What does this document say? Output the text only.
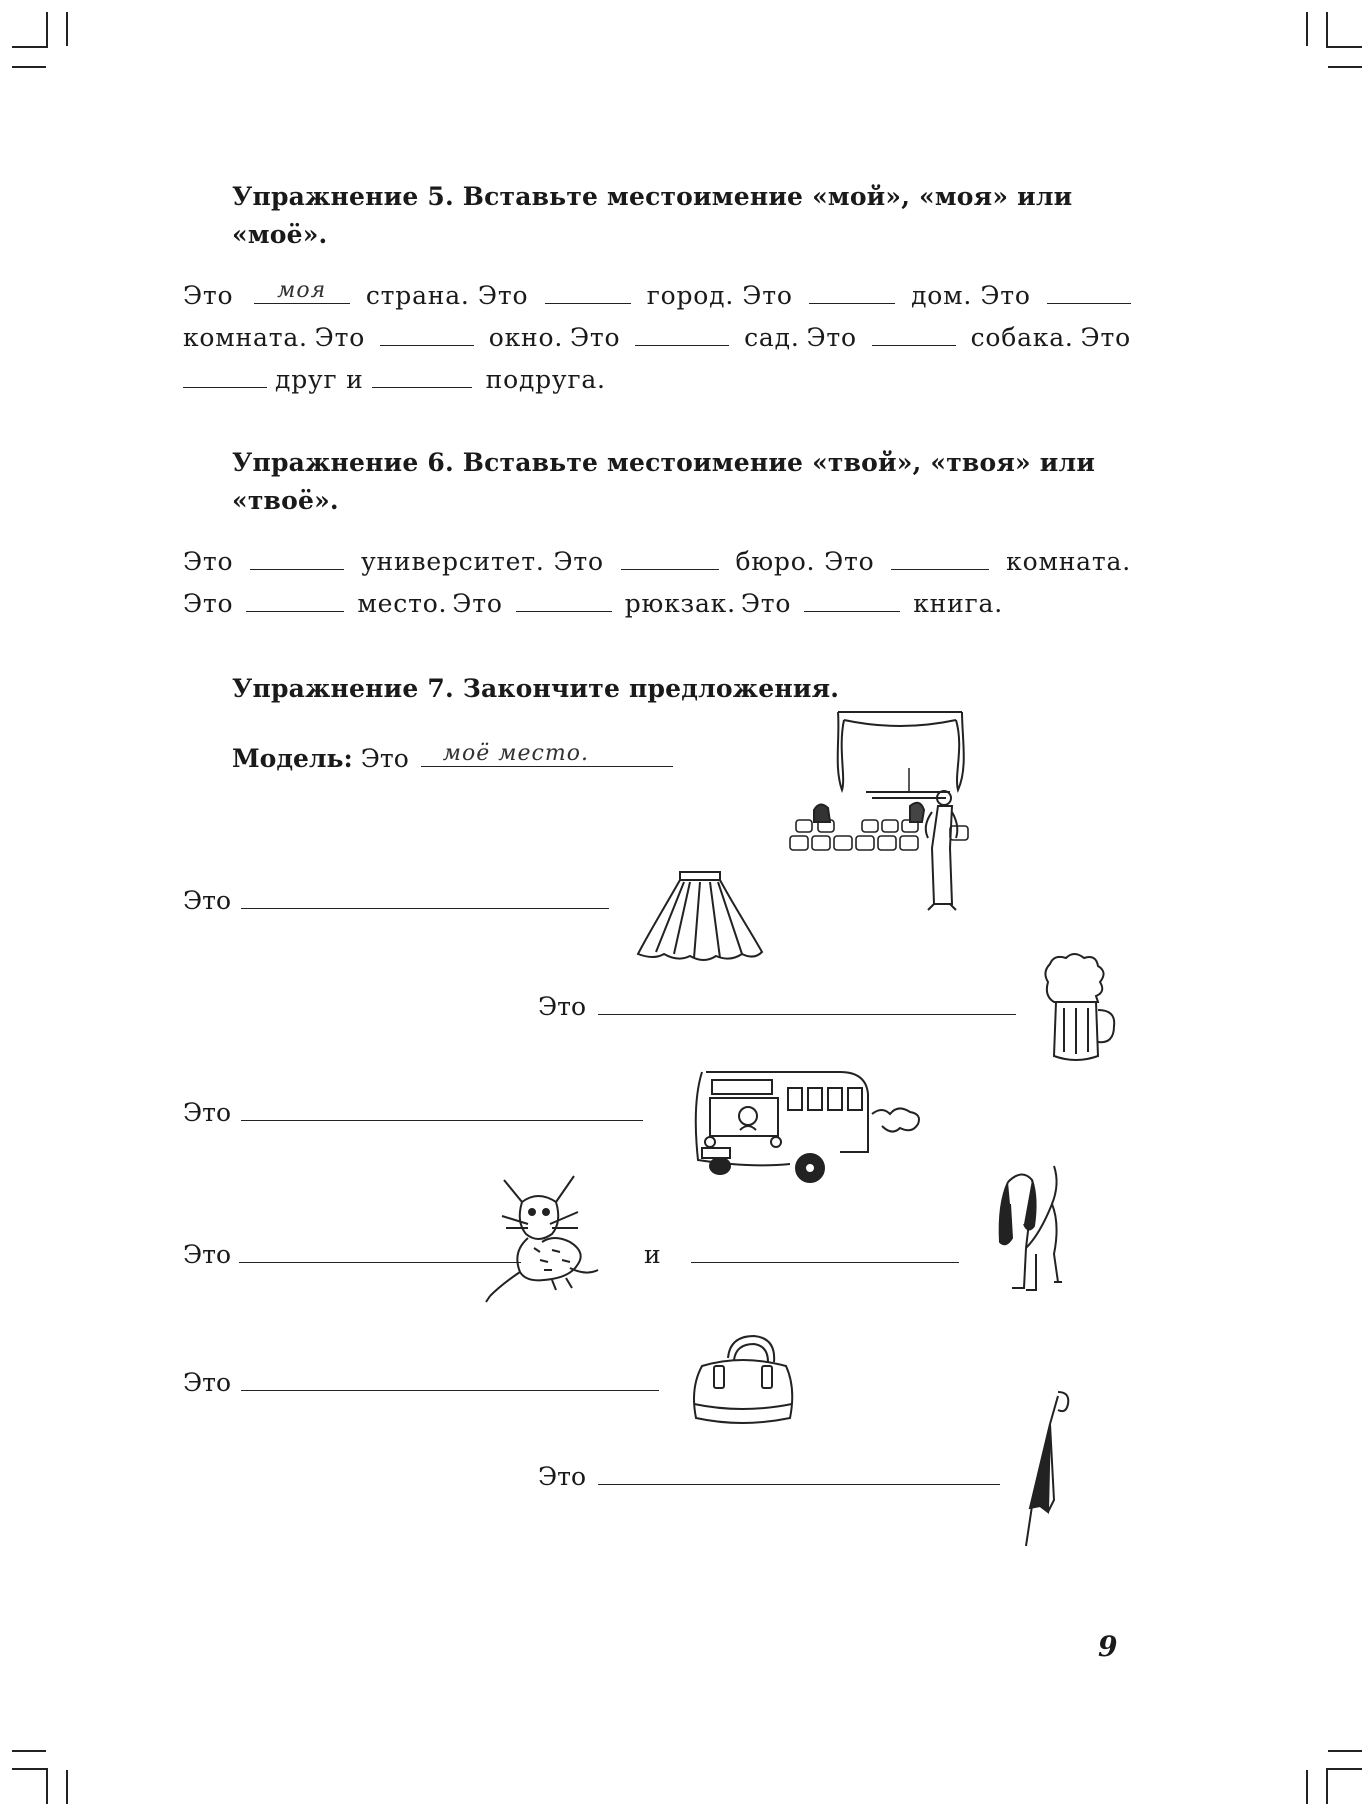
Упражнение 5. Вставьте местоимение «мой», «моя» или
«моё».
Это	моя	страна. Это	город. Это	дом. Это
комната. Это	окно. Это	сад. Это	собака. Это
друг и	подруга.
Упражнение 6. Вставьте местоимение «твой», «твоя» или
«твоё».
Это	университет. Это	бюро. Это	комната.
Это	место. Это	рюкзак. Это	книга.
Упражнение 7. Закончите предложения.
Модель: Это моё место.
Это
Это
Это
Это	и
Это
Это
9
